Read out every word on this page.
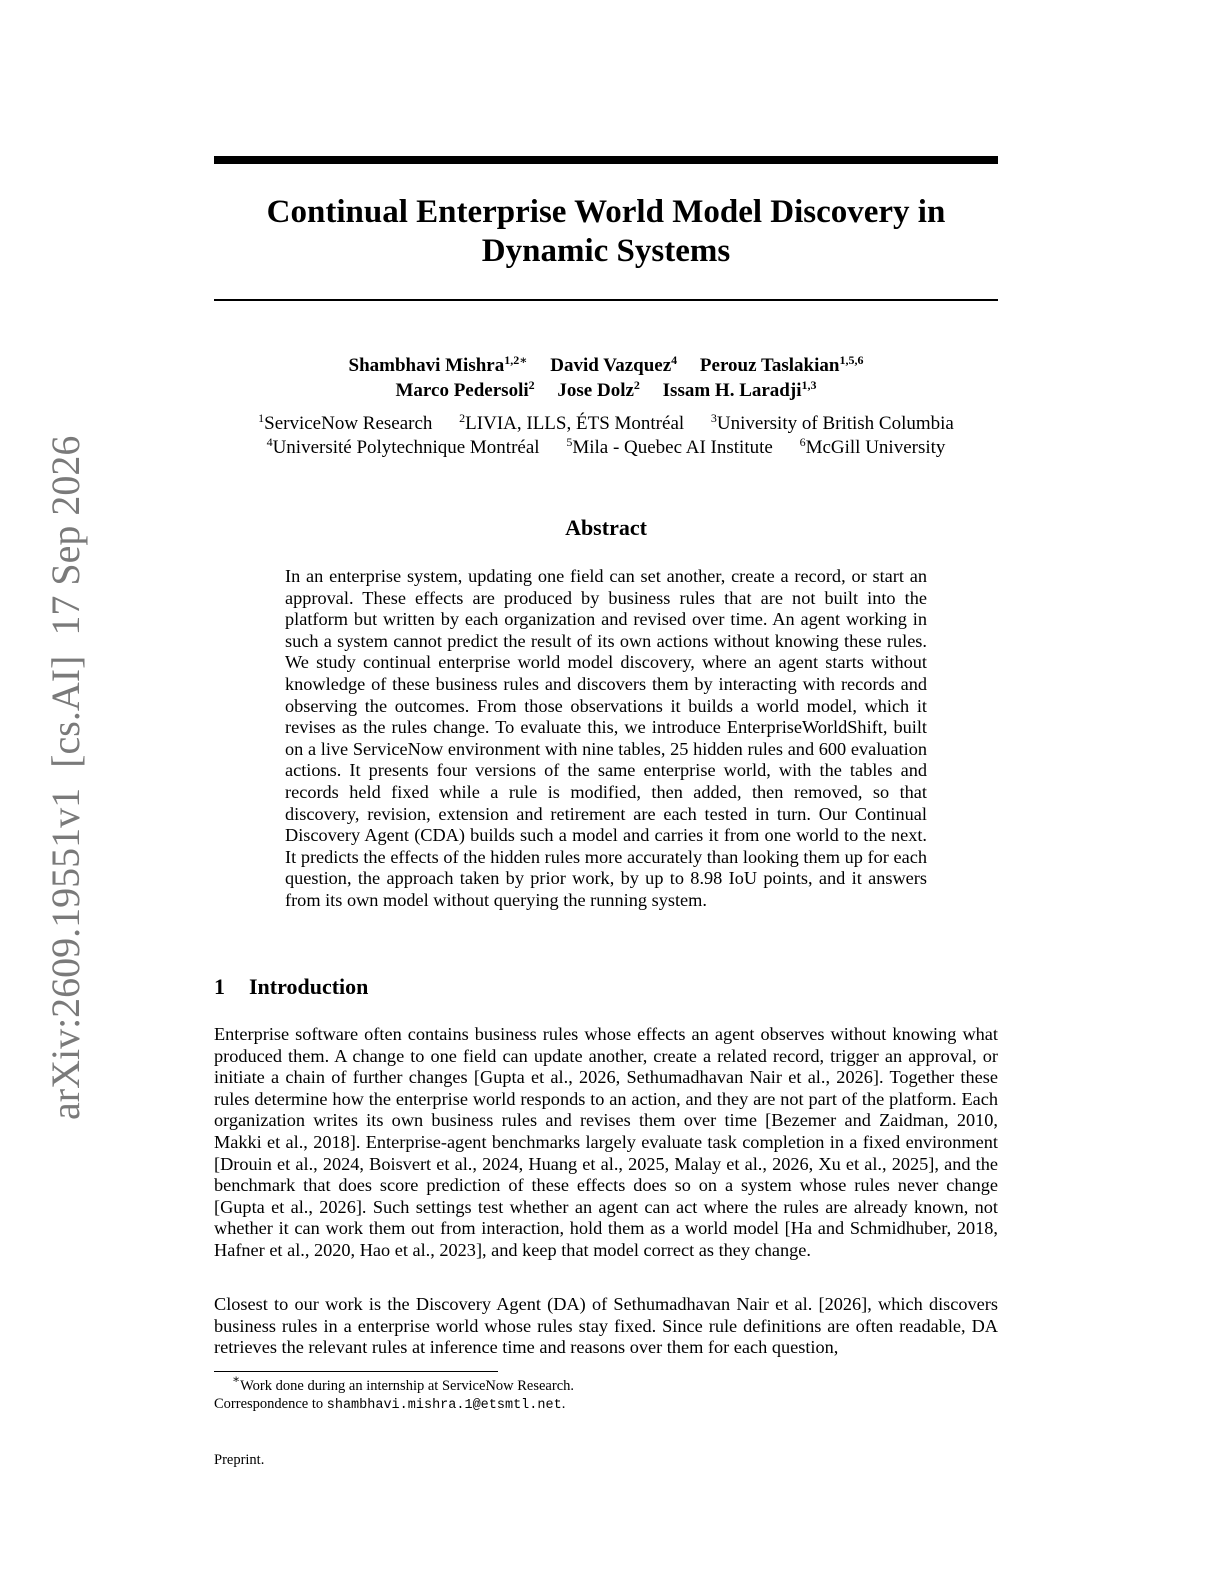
arXiv:2609.19551v1  [cs.AI]  17 Sep 2026
Continual Enterprise World Model Discovery in
Dynamic Systems
Shambhavi Mishra$^{1,2∗}$ David Vazquez$^4$ Perouz Taslakian$^{1,5,6}$
Marco Pedersoli$^2$ Jose Dolz$^2$ Issam H. Laradji$^{1,3}$
$^1$ServiceNow Research $^2$LIVIA, ILLS, ÉTS Montréal $^3$University of British Columbia
$^4$Université Polytechnique Montréal $^5$Mila - Quebec AI Institute $^6$McGill University
Abstract
In an enterprise system, updating one field can set another, create a record, or start an approval. These effects are produced by business rules that are not built into the platform but written by each organization and revised over time. An agent working in such a system cannot predict the result of its own actions without knowing these rules. We study continual enterprise world model discovery, where an agent starts without knowledge of these business rules and discovers them by interacting with records and observing the outcomes. From those observations it builds a world model, which it revises as the rules change. To evaluate this, we introduce EnterpriseWorldShift, built on a live ServiceNow environment with nine tables, 25 hidden rules and 600 evaluation actions. It presents four versions of the same enterprise world, with the tables and records held fixed while a rule is modified, then added, then removed, so that discovery, revision, extension and retirement are each tested in turn. Our Continual Discovery Agent (CDA) builds such a model and carries it from one world to the next. It predicts the effects of the hidden rules more accurately than looking them up for each question, the approach taken by prior work, by up to 8.98 IoU points, and it answers from its own model without querying the running system.
1 Introduction
Enterprise software often contains business rules whose effects an agent observes without knowing what produced them. A change to one field can update another, create a related record, trigger an approval, or initiate a chain of further changes [Gupta et al., 2026, Sethumadhavan Nair et al., 2026]. Together these rules determine how the enterprise world responds to an action, and they are not part of the platform. Each organization writes its own business rules and revises them over time [Bezemer and Zaidman, 2010, Makki et al., 2018]. Enterprise-agent benchmarks largely evaluate task completion in a fixed environment [Drouin et al., 2024, Boisvert et al., 2024, Huang et al., 2025, Malay et al., 2026, Xu et al., 2025], and the benchmark that does score prediction of these effects does so on a system whose rules never change [Gupta et al., 2026]. Such settings test whether an agent can act where the rules are already known, not whether it can work them out from interaction, hold them as a world model [Ha and Schmidhuber, 2018, Hafner et al., 2020, Hao et al., 2023], and keep that model correct as they change.
Closest to our work is the Discovery Agent (DA) of Sethumadhavan Nair et al. [2026], which discovers business rules in a enterprise world whose rules stay fixed. Since rule definitions are often readable, DA retrieves the relevant rules at inference time and reasons over them for each question,
∗Work done during an internship at ServiceNow Research.
Correspondence to shambhavi.mishra.1@etsmtl.net.
Preprint.
